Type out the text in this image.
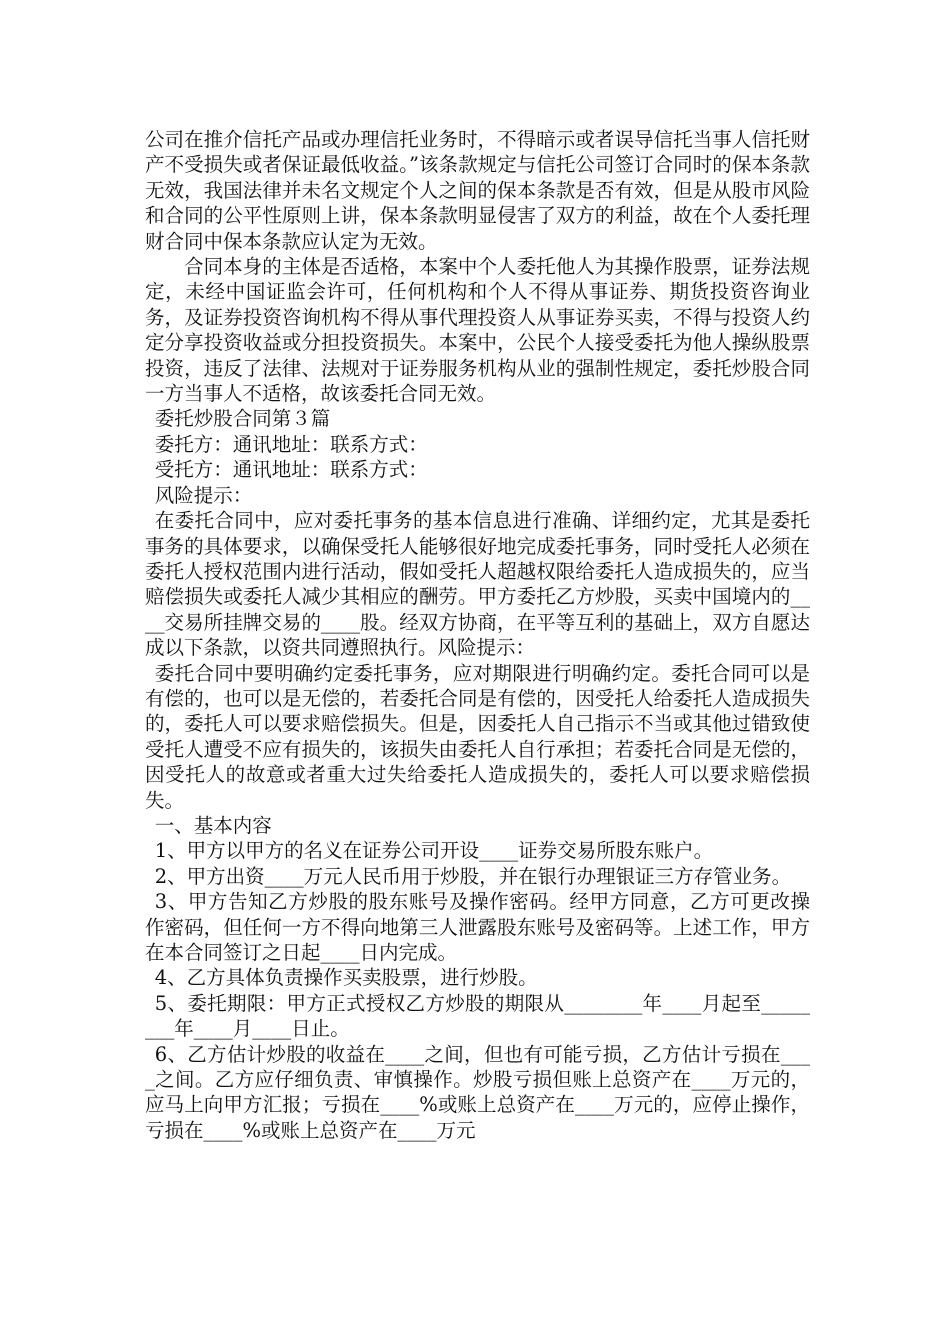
公司在推介信托产品或办理信托业务时，不得暗示或者误导信托当事人信托财产不受损失或者保证最低收益。”该条款规定与信托公司签订合同时的保本条款无效，我国法律并未名文规定个人之间的保本条款是否有效，但是从股市风险和合同的公平性原则上讲，保本条款明显侵害了双方的利益，故在个人委托理财合同中保本条款应认定为无效。

合同本身的主体是否适格，本案中个人委托他人为其操作股票，证券法规定，未经中国证监会许可，任何机构和个人不得从事证券、期货投资咨询业务，及证券投资咨询机构不得从事代理投资人从事证券买卖，不得与投资人约定分享投资收益或分担投资损失。本案中，公民个人接受委托为他人操纵股票投资，违反了法律、法规对于证券服务机构从业的强制性规定，委托炒股合同一方当事人不适格，故该委托合同无效。

委托炒股合同第３篇

委托方：通讯地址：联系方式：

受托方：通讯地址：联系方式：

风险提示：

在委托合同中，应对委托事务的基本信息进行准确、详细约定，尤其是委托事务的具体要求，以确保受托人能够很好地完成委托事务，同时受托人必须在委托人授权范围内进行活动，假如受托人超越权限给委托人造成损失的，应当赔偿损失或委托人减少其相应的酬劳。甲方委托乙方炒股，买卖中国境内的____交易所挂牌交易的____股。经双方协商，在平等互利的基础上，双方自愿达成以下条款，以资共同遵照执行。风险提示：

委托合同中要明确约定委托事务，应对期限进行明确约定。委托合同可以是有偿的，也可以是无偿的，若委托合同是有偿的，因受托人给委托人造成损失的，委托人可以要求赔偿损失。但是，因委托人自己指示不当或其他过错致使受托人遭受不应有损失的，该损失由委托人自行承担；若委托合同是无偿的，因受托人的故意或者重大过失给委托人造成损失的，委托人可以要求赔偿损失。

一、基本内容

1、甲方以甲方的名义在证券公司开设____证券交易所股东账户。

2、甲方出资____万元人民币用于炒股，并在银行办理银证三方存管业务。

3、甲方告知乙方炒股的股东账号及操作密码。经甲方同意，乙方可更改操作密码，但任何一方不得向地第三人泄露股东账号及密码等。上述工作，甲方在本合同签订之日起____日内完成。

4、乙方具体负责操作买卖股票，进行炒股。

5、委托期限：甲方正式授权乙方炒股的期限从________年____月起至________年____月____日止。

6、乙方估计炒股的收益在____之间，但也有可能亏损，乙方估计亏损在____之间。乙方应仔细负责、审慎操作。炒股亏损但账上总资产在____万元的，应马上向甲方汇报；亏损在____%或账上总资产在____万元的，应停止操作，亏损在____%或账上总资产在____万元
